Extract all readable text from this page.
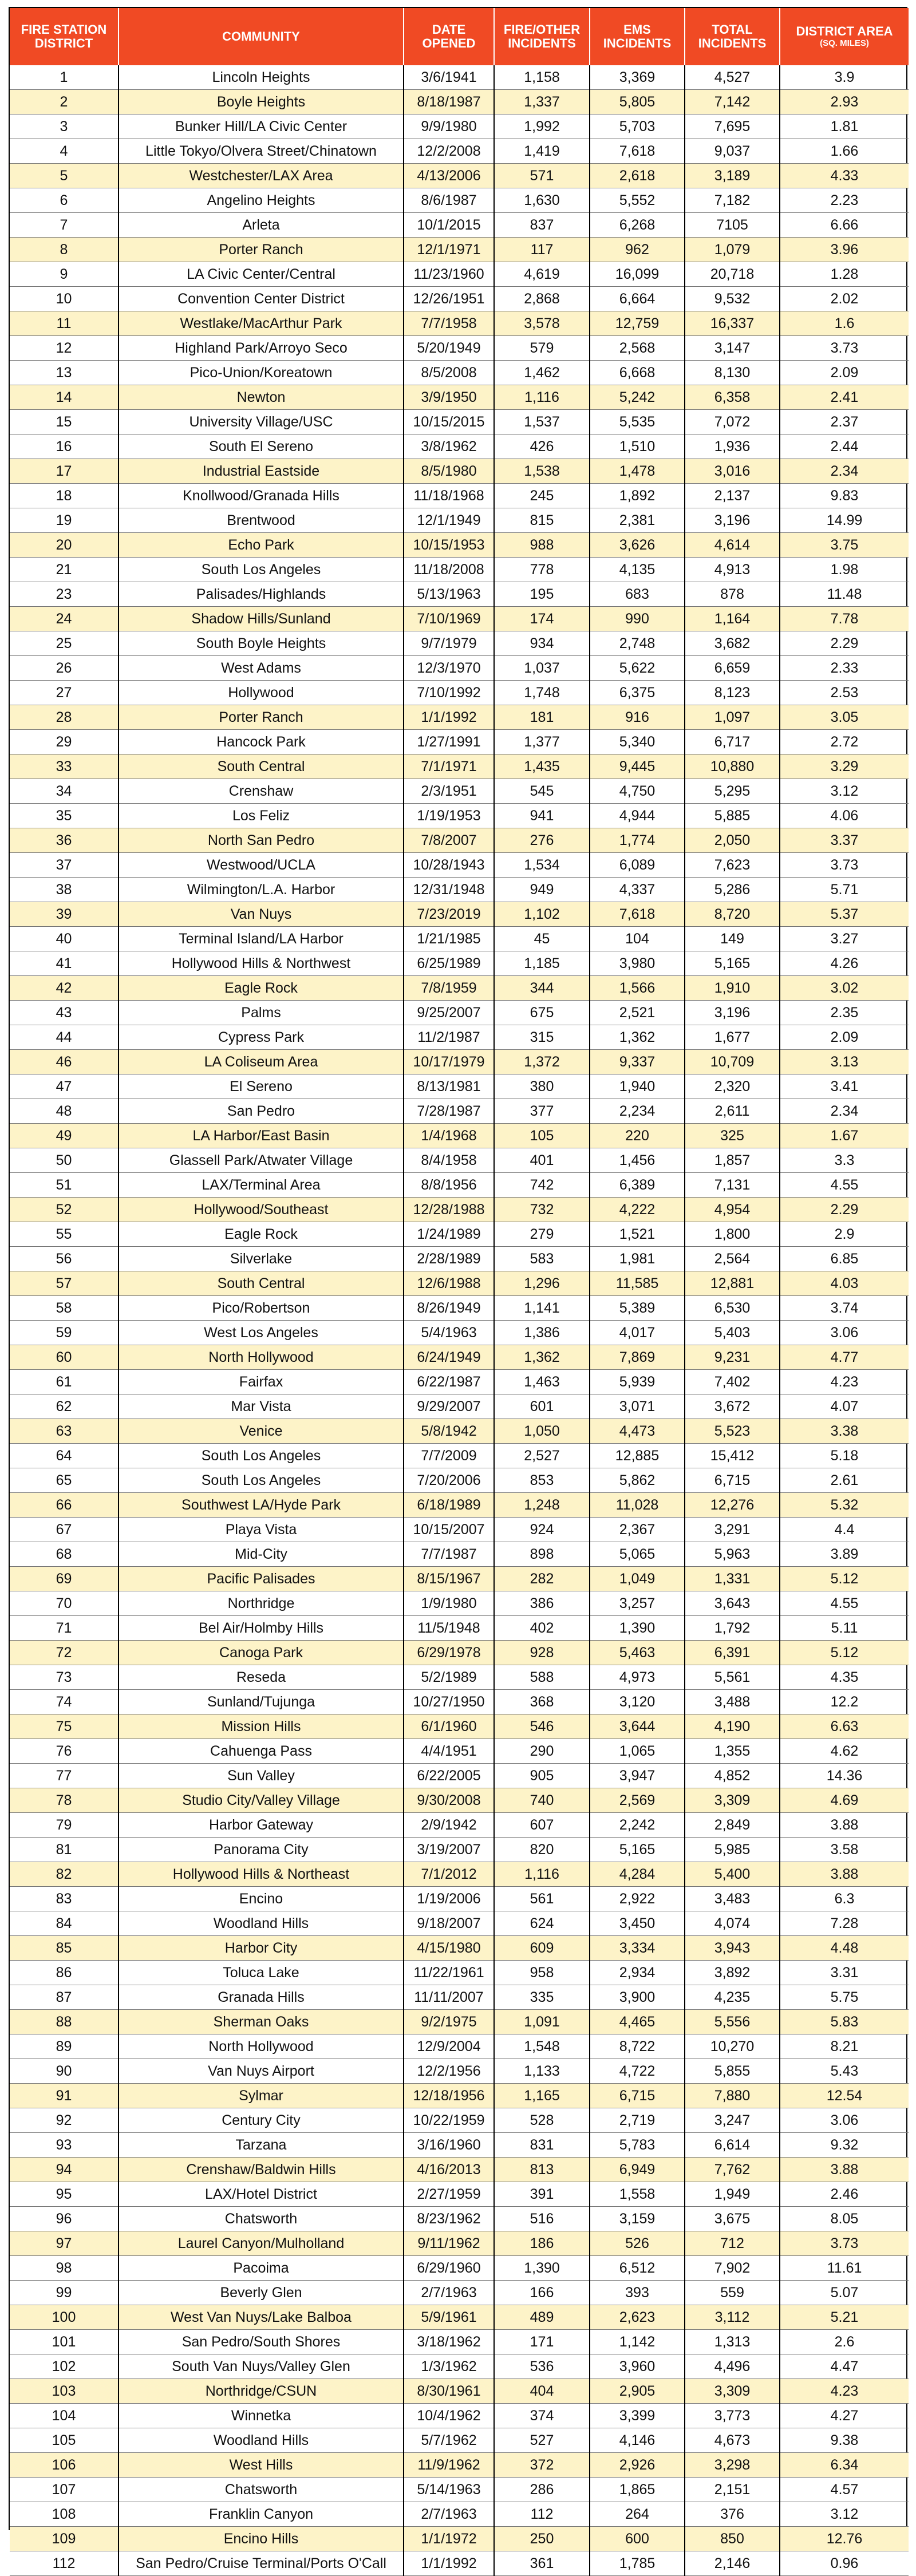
FIRE STATION DISTRICT	COMMUNITY	DATE OPENED	FIRE/OTHER INCIDENTS	EMS INCIDENTS	TOTAL INCIDENTS	DISTRICT AREA
(SQ. MILES)

1	Lincoln Heights	3/6/1941	1,158	3,369	4,527	3.9
2	Boyle Heights	8/18/1987	1,337	5,805	7,142	2.93
3	Bunker Hill/LA Civic Center	9/9/1980	1,992	5,703	7,695	1.81
4	Little Tokyo/Olvera Street/Chinatown	12/2/2008	1,419	7,618	9,037	1.66
5	Westchester/LAX Area	4/13/2006	571	2,618	3,189	4.33
6	Angelino Heights	8/6/1987	1,630	5,552	7,182	2.23
7	Arleta	10/1/2015	837	6,268	7105	6.66
8	Porter Ranch	12/1/1971	117	962	1,079	3.96
9	LA Civic Center/Central	11/23/1960	4,619	16,099	20,718	1.28
10	Convention Center District	12/26/1951	2,868	6,664	9,532	2.02
11	Westlake/MacArthur Park	7/7/1958	3,578	12,759	16,337	1.6
12	Highland Park/Arroyo Seco	5/20/1949	579	2,568	3,147	3.73
13	Pico-Union/Koreatown	8/5/2008	1,462	6,668	8,130	2.09
14	Newton	3/9/1950	1,116	5,242	6,358	2.41
15	University Village/USC	10/15/2015	1,537	5,535	7,072	2.37
16	South El Sereno	3/8/1962	426	1,510	1,936	2.44
17	Industrial Eastside	8/5/1980	1,538	1,478	3,016	2.34
18	Knollwood/Granada Hills	11/18/1968	245	1,892	2,137	9.83
19	Brentwood	12/1/1949	815	2,381	3,196	14.99
20	Echo Park	10/15/1953	988	3,626	4,614	3.75
21	South Los Angeles	11/18/2008	778	4,135	4,913	1.98
23	Palisades/Highlands	5/13/1963	195	683	878	11.48
24	Shadow Hills/Sunland	7/10/1969	174	990	1,164	7.78
25	South Boyle Heights	9/7/1979	934	2,748	3,682	2.29
26	West Adams	12/3/1970	1,037	5,622	6,659	2.33
27	Hollywood	7/10/1992	1,748	6,375	8,123	2.53
28	Porter Ranch	1/1/1992	181	916	1,097	3.05
29	Hancock Park	1/27/1991	1,377	5,340	6,717	2.72
33	South Central	7/1/1971	1,435	9,445	10,880	3.29
34	Crenshaw	2/3/1951	545	4,750	5,295	3.12
35	Los Feliz	1/19/1953	941	4,944	5,885	4.06
36	North San Pedro	7/8/2007	276	1,774	2,050	3.37
37	Westwood/UCLA	10/28/1943	1,534	6,089	7,623	3.73
38	Wilmington/L.A. Harbor	12/31/1948	949	4,337	5,286	5.71
39	Van Nuys	7/23/2019	1,102	7,618	8,720	5.37
40	Terminal Island/LA Harbor	1/21/1985	45	104	149	3.27
41	Hollywood Hills & Northwest	6/25/1989	1,185	3,980	5,165	4.26
42	Eagle Rock	7/8/1959	344	1,566	1,910	3.02
43	Palms	9/25/2007	675	2,521	3,196	2.35
44	Cypress Park	11/2/1987	315	1,362	1,677	2.09
46	LA Coliseum Area	10/17/1979	1,372	9,337	10,709	3.13
47	El Sereno	8/13/1981	380	1,940	2,320	3.41
48	San Pedro	7/28/1987	377	2,234	2,611	2.34
49	LA Harbor/East Basin	1/4/1968	105	220	325	1.67
50	Glassell Park/Atwater Village	8/4/1958	401	1,456	1,857	3.3
51	LAX/Terminal Area	8/8/1956	742	6,389	7,131	4.55
52	Hollywood/Southeast	12/28/1988	732	4,222	4,954	2.29
55	Eagle Rock	1/24/1989	279	1,521	1,800	2.9
56	Silverlake	2/28/1989	583	1,981	2,564	6.85
57	South Central	12/6/1988	1,296	11,585	12,881	4.03
58	Pico/Robertson	8/26/1949	1,141	5,389	6,530	3.74
59	West Los Angeles	5/4/1963	1,386	4,017	5,403	3.06
60	North Hollywood	6/24/1949	1,362	7,869	9,231	4.77
61	Fairfax	6/22/1987	1,463	5,939	7,402	4.23
62	Mar Vista	9/29/2007	601	3,071	3,672	4.07
63	Venice	5/8/1942	1,050	4,473	5,523	3.38
64	South Los Angeles	7/7/2009	2,527	12,885	15,412	5.18
65	South Los Angeles	7/20/2006	853	5,862	6,715	2.61
66	Southwest LA/Hyde Park	6/18/1989	1,248	11,028	12,276	5.32
67	Playa Vista	10/15/2007	924	2,367	3,291	4.4
68	Mid-City	7/7/1987	898	5,065	5,963	3.89
69	Pacific Palisades	8/15/1967	282	1,049	1,331	5.12
70	Northridge	1/9/1980	386	3,257	3,643	4.55
71	Bel Air/Holmby Hills	11/5/1948	402	1,390	1,792	5.11
72	Canoga Park	6/29/1978	928	5,463	6,391	5.12
73	Reseda	5/2/1989	588	4,973	5,561	4.35
74	Sunland/Tujunga	10/27/1950	368	3,120	3,488	12.2
75	Mission Hills	6/1/1960	546	3,644	4,190	6.63
76	Cahuenga Pass	4/4/1951	290	1,065	1,355	4.62
77	Sun Valley	6/22/2005	905	3,947	4,852	14.36
78	Studio City/Valley Village	9/30/2008	740	2,569	3,309	4.69
79	Harbor Gateway	2/9/1942	607	2,242	2,849	3.88
81	Panorama City	3/19/2007	820	5,165	5,985	3.58
82	Hollywood Hills & Northeast	7/1/2012	1,116	4,284	5,400	3.88
83	Encino	1/19/2006	561	2,922	3,483	6.3
84	Woodland Hills	9/18/2007	624	3,450	4,074	7.28
85	Harbor City	4/15/1980	609	3,334	3,943	4.48
86	Toluca Lake	11/22/1961	958	2,934	3,892	3.31
87	Granada Hills	11/11/2007	335	3,900	4,235	5.75
88	Sherman Oaks	9/2/1975	1,091	4,465	5,556	5.83
89	North Hollywood	12/9/2004	1,548	8,722	10,270	8.21
90	Van Nuys Airport	12/2/1956	1,133	4,722	5,855	5.43
91	Sylmar	12/18/1956	1,165	6,715	7,880	12.54
92	Century City	10/22/1959	528	2,719	3,247	3.06
93	Tarzana	3/16/1960	831	5,783	6,614	9.32
94	Crenshaw/Baldwin Hills	4/16/2013	813	6,949	7,762	3.88
95	LAX/Hotel District	2/27/1959	391	1,558	1,949	2.46
96	Chatsworth	8/23/1962	516	3,159	3,675	8.05
97	Laurel Canyon/Mulholland	9/11/1962	186	526	712	3.73
98	Pacoima	6/29/1960	1,390	6,512	7,902	11.61
99	Beverly Glen	2/7/1963	166	393	559	5.07
100	West Van Nuys/Lake Balboa	5/9/1961	489	2,623	3,112	5.21
101	San Pedro/South Shores	3/18/1962	171	1,142	1,313	2.6
102	South Van Nuys/Valley Glen	1/3/1962	536	3,960	4,496	4.47
103	Northridge/CSUN	8/30/1961	404	2,905	3,309	4.23
104	Winnetka	10/4/1962	374	3,399	3,773	4.27
105	Woodland Hills	5/7/1962	527	4,146	4,673	9.38
106	West Hills	11/9/1962	372	2,926	3,298	6.34
107	Chatsworth	5/14/1963	286	1,865	2,151	4.57
108	Franklin Canyon	2/7/1963	112	264	376	3.12
109	Encino Hills	1/1/1972	250	600	850	12.76
112	San Pedro/Cruise Terminal/Ports O'Call	1/1/1992	361	1,785	2,146	0.96
